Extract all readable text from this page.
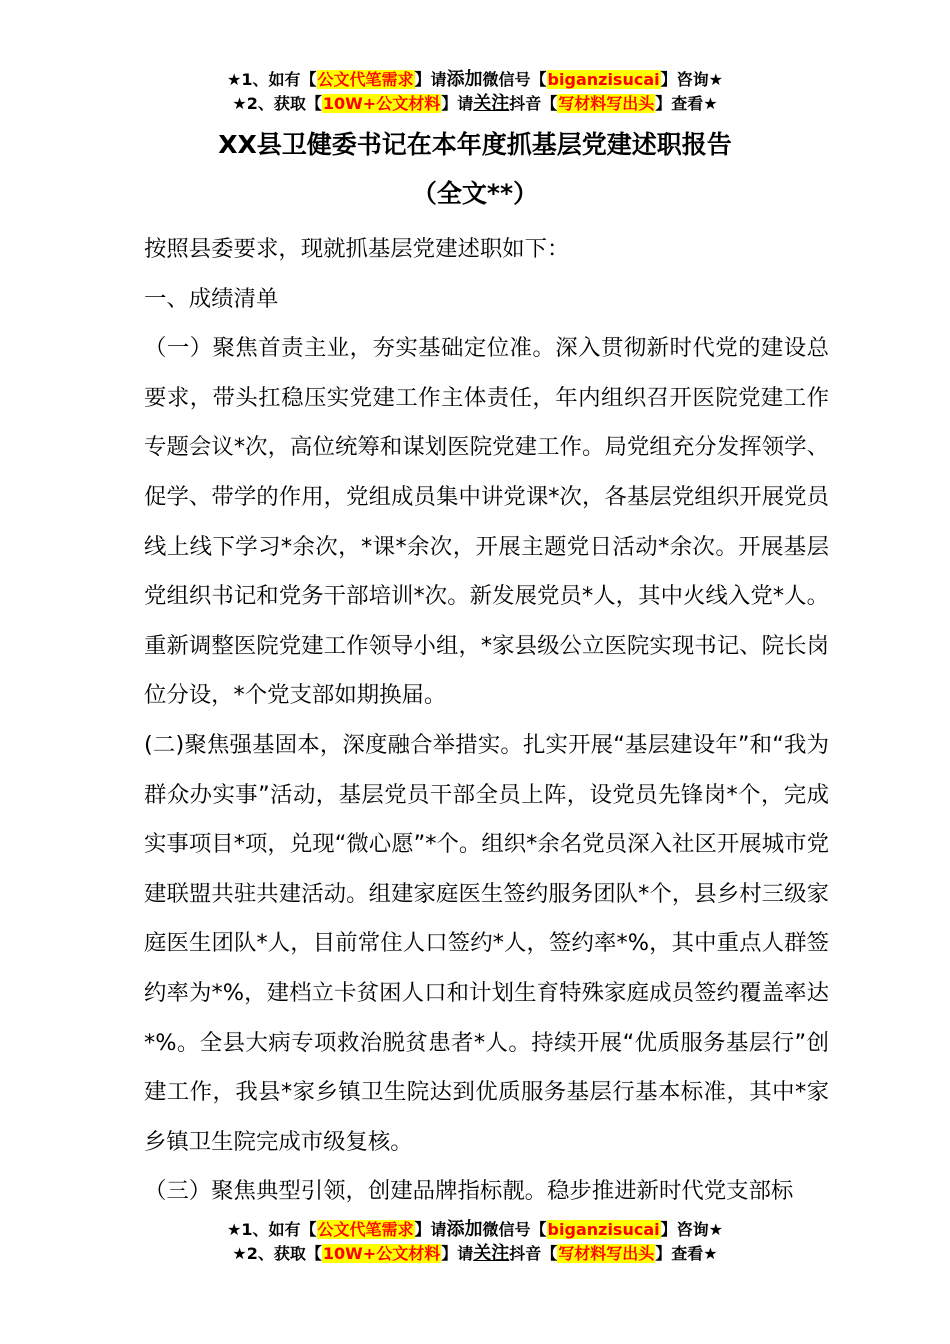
★1、如有【公文代笔需求】请添加微信号【biganzisucai】咨询★
★2、获取【10W+公文材料】请关注抖音【写材料写出头】查看★
XX县卫健委书记在本年度抓基层党建述职报告
（全文**）

按照县委要求，现就抓基层党建述职如下：

一、成绩清单

（一）聚焦首责主业，夯实基础定位准。深入贯彻新时代党的建设总要求，带头扛稳压实党建工作主体责任，年内组织召开医院党建工作专题会议*次，高位统筹和谋划医院党建工作。局党组充分发挥领学、促学、带学的作用，党组成员集中讲党课*次，各基层党组织开展党员线上线下学习*余次，*课*余次，开展主题党日活动*余次。开展基层党组织书记和党务干部培训*次。新发展党员*人，其中火线入党*人。重新调整医院党建工作领导小组，*家县级公立医院实现书记、院长岗位分设，*个党支部如期换届。

(二)聚焦强基固本，深度融合举措实。扎实开展“基层建设年”和“我为群众办实事”活动，基层党员干部全员上阵，设党员先锋岗*个，完成实事项目*项，兑现“微心愿”*个。组织*余名党员深入社区开展城市党建联盟共驻共建活动。组建家庭医生签约服务团队*个，县乡村三级家庭医生团队*人，目前常住人口签约*人，签约率*%，其中重点人群签约率为*%，建档立卡贫困人口和计划生育特殊家庭成员签约覆盖率达*%。全县大病专项救治脱贫患者*人。持续开展“优质服务基层行”创建工作，我县*家乡镇卫生院达到优质服务基层行基本标准，其中*家乡镇卫生院完成市级复核。

（三）聚焦典型引领，创建品牌指标靓。稳步推进新时代党支部标

★1、如有【公文代笔需求】请添加微信号【biganzisucai】咨询★
★2、获取【10W+公文材料】请关注抖音【写材料写出头】查看★
